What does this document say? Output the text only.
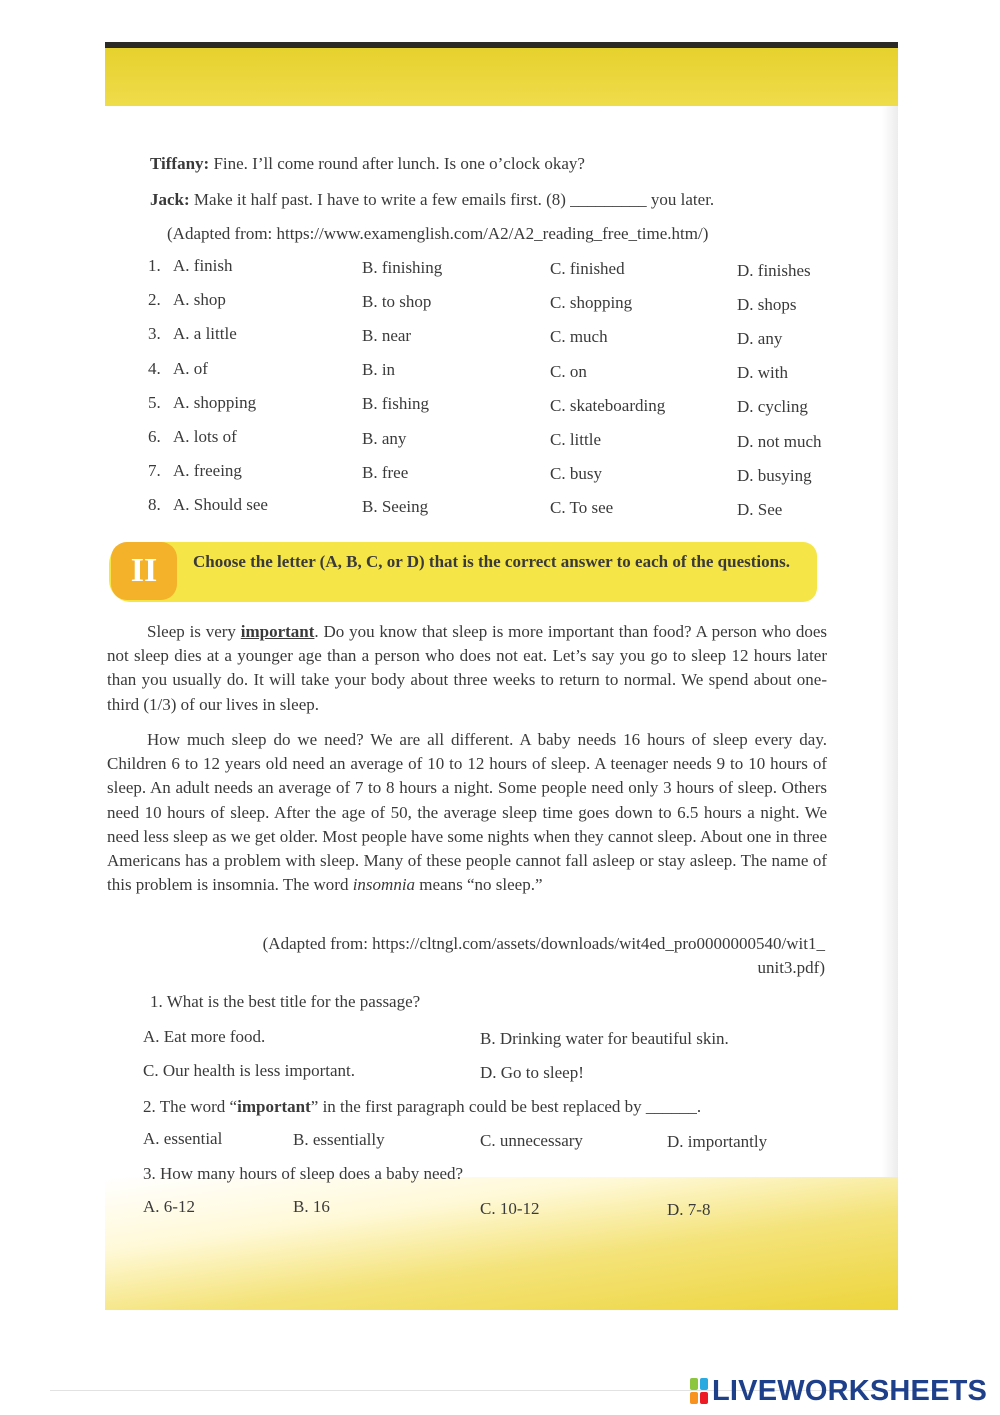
Tiffany: Fine. I’ll come round after lunch. Is one o’clock okay?
Jack: Make it half past. I have to write a few emails first. (8) _________ you later.
(Adapted from: https://www.examenglish.com/A2/A2_reading_free_time.htm/)
1. A. finish	B. finishing	C. finished	D. finishes
2. A. shop	B. to shop	C. shopping	D. shops
3. A. a little	B. near	C. much	D. any
4. A. of	B. in	C. on	D. with
5. A. shopping	B. fishing	C. skateboarding	D. cycling
6. A. lots of	B. any	C. little	D. not much
7. A. freeing	B. free	C. busy	D. busying
8. A. Should see	B. Seeing	C. To see	D. See
II	Choose the letter (A, B, C, or D) that is the correct answer to each of the questions.

Sleep is very important. Do you know that sleep is more important than food? A person who does not sleep dies at a younger age than a person who does not eat. Let’s say you go to sleep 12 hours later than you usually do. It will take your body about three weeks to return to normal. We spend about one-third (1/3) of our lives in sleep.

How much sleep do we need? We are all different. A baby needs 16 hours of sleep every day. Children 6 to 12 years old need an average of 10 to 12 hours of sleep. A teenager needs 9 to 10 hours of sleep. An adult needs an average of 7 to 8 hours a night. Some people need only 3 hours of sleep. Others need 10 hours of sleep. After the age of 50, the average sleep time goes down to 6.5 hours a night. We need less sleep as we get older. Most people have some nights when they cannot sleep. About one in three Americans has a problem with sleep. Many of these people cannot fall asleep or stay asleep. The name of this problem is insomnia. The word insomnia means “no sleep.”

(Adapted from: https://cltngl.com/assets/downloads/wit4ed_pro0000000540/wit1_
unit3.pdf)
1. What is the best title for the passage?
A. Eat more food.	B. Drinking water for beautiful skin.
C. Our health is less important.	D. Go to sleep!
2. The word “important” in the first paragraph could be best replaced by ______.
A. essential	B. essentially	C. unnecessary	D. importantly
3. How many hours of sleep does a baby need?
A. 6-12	B. 16	C. 10-12	D. 7-8
LIVEWORKSHEETS
